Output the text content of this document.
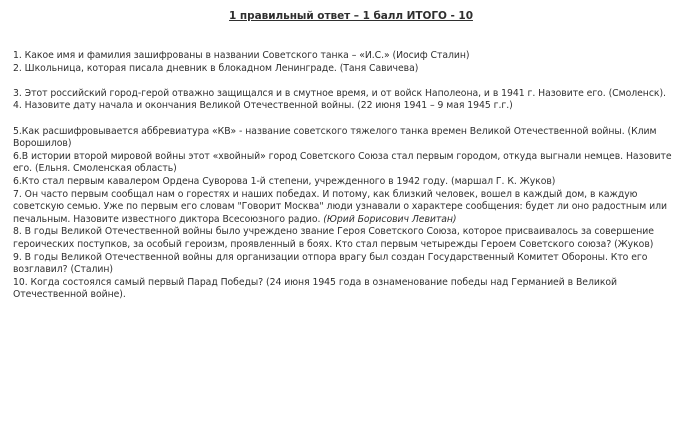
1 правильный ответ – 1 балл ИТОГО - 10

1. Какое имя и фамилия зашифрованы в названии Советского танка – «И.С.» (Иосиф Сталин)

2. Школьница, которая писала дневник в блокадном Ленинграде. (Таня Савичева)

3. Этот российский город-герой отважно защищался и в смутное время, и от войск Наполеона, и в 1941 г. Назовите его. (Смоленск).

4. Назовите дату начала и окончания Великой Отечественной войны. (22 июня 1941 – 9 мая 1945 г.г.)

5.Как расшифровывается аббревиатура «КВ» - название советского тяжелого танка времен Великой Отечественной войны. (Клим Ворошилов)

6.В истории второй мировой войны этот «хвойный» город Советского Союза стал первым городом, откуда выгнали немцев. Назовите его. (Ельня. Смоленская область)

6.Кто стал первым кавалером Ордена Суворова 1-й степени, учрежденного в 1942 году. (маршал Г. К. Жуков)

7. Он часто первым сообщал нам о горестях и наших победах. И потому, как близкий человек, вошел в каждый дом, в каждую советскую семью. Уже по первым его словам "Говорит Москва" люди узнавали о характере сообщения: будет ли оно радостным или печальным. Назовите известного диктора Всесоюзного радио. (Юрий Борисович Левитан)

8. В годы Великой Отечественной войны было учреждено звание Героя Советского Союза, которое присваивалось за совершение героических поступков, за особый героизм, проявленный в боях. Кто стал первым четырежды Героем Советского союза? (Жуков)

9. В годы Великой Отечественной войны для организации отпора врагу был создан Государственный Комитет Обороны. Кто его возглавил? (Сталин)

10. Когда состоялся самый первый Парад Победы? (24 июня 1945 года в ознаменование победы над Германией в Великой Отечественной войне).
